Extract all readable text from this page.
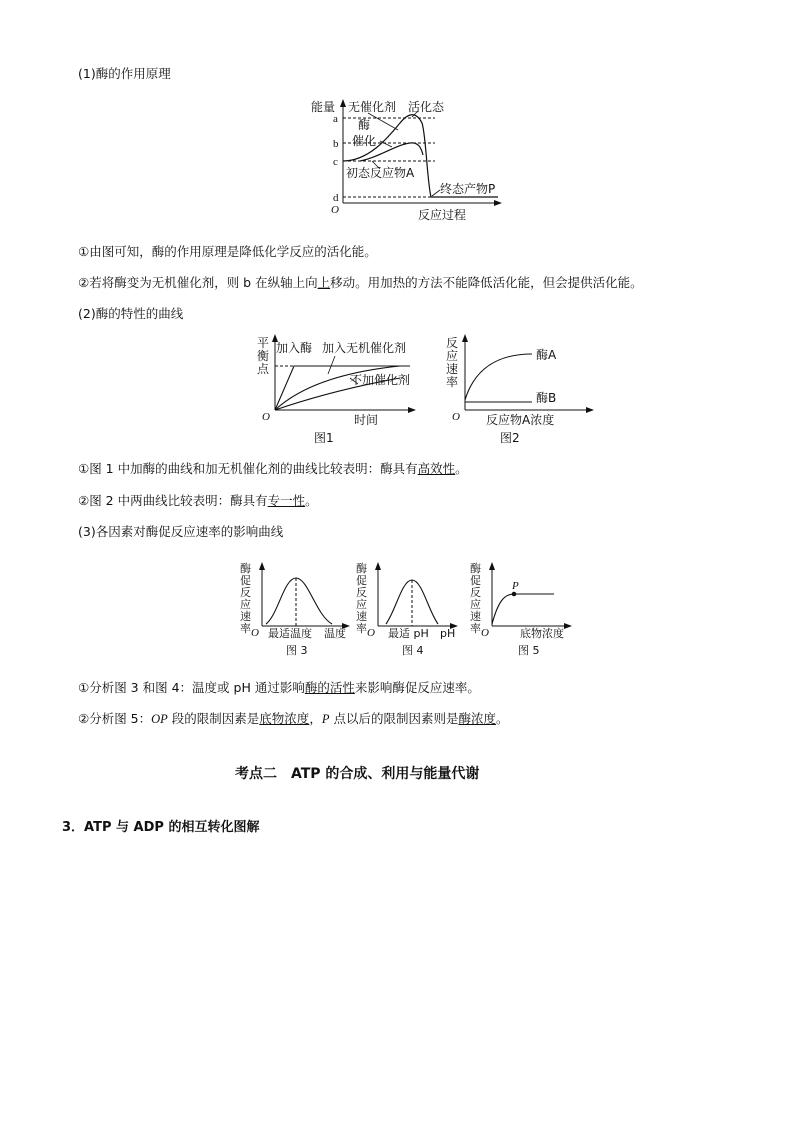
(1)酶的作用原理
能量 无催化剂 活化态
酶
催化
初态反应物A
终态产物P
反应过程
a
b
c
d
O
①由图可知，酶的作用原理是降低化学反应的活化能。
②若将酶变为无机催化剂，则 b 在纵轴上向上移动。用加热的方法不能降低活化能，但会提供活化能。
(2)酶的特性的曲线
平
衡
点
加入酶 加入无机催化剂
不加催化剂
时间
O
图1
反
应
速
率
酶A
酶B
反应物A浓度
O
图2
①图 1 中加酶的曲线和加无机催化剂的曲线比较表明：酶具有高效性。
②图 2 中两曲线比较表明：酶具有专一性。
(3)各因素对酶促反应速率的影响曲线
酶
促
反
应
速
率 O 最适温度 温度
图 3
酶
促
反
应
速
率 O 最适 pH pH
图 4
酶
促
反
应
速
率
P
O	底物浓度
图 5
①分析图 3 和图 4：温度或 pH 通过影响酶的活性来影响酶促反应速率。
②分析图 5：OP 段的限制因素是底物浓度，P 点以后的限制因素则是酶浓度。
考点二　ATP 的合成、利用与能量代谢
3．ATP 与 ADP 的相互转化图解
